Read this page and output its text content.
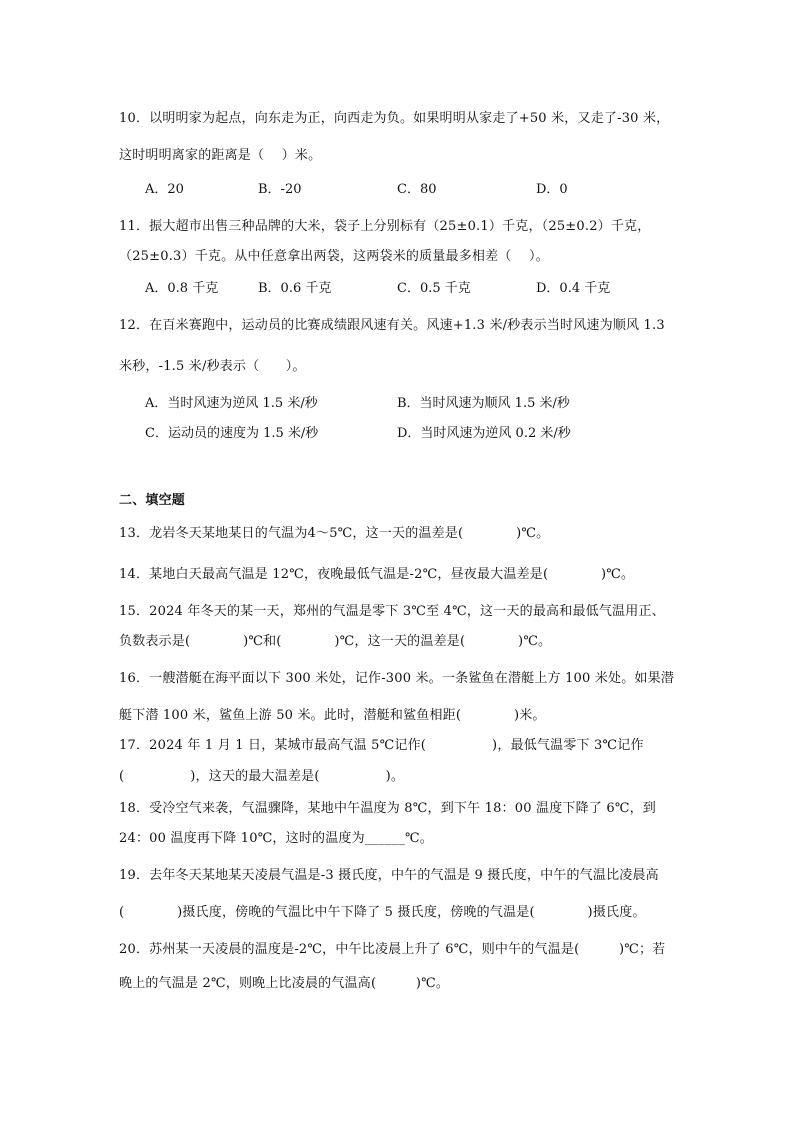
10．以明明家为起点，向东走为正，向西走为负。如果明明从家走了+50 米，又走了-30 米，
这时明明离家的距离是（　 ）米。
A．20	B．-20	C．80	D．0
11．振大超市出售三种品牌的大米，袋子上分别标有（25±0.1）千克，（25±0.2）千克，
（25±0.3）千克。从中任意拿出两袋，这两袋米的质量最多相差（　 ）。
A．0.8 千克	B．0.6 千克	C．0.5 千克	D．0.4 千克
12．在百米赛跑中，运动员的比赛成绩跟风速有关。风速+1.3 米/秒表示当时风速为顺风 1.3
米秒，-1.5 米/秒表示（　　）。
A．当时风速为逆风 1.5 米/秒	B．当时风速为顺风 1.5 米/秒
C．运动员的速度为 1.5 米/秒	D．当时风速为逆风 0.2 米/秒
二、填空题
13．龙岩冬天某地某日的气温为4～5℃，这一天的温差是(　　　　)℃。
14．某地白天最高气温是 12℃，夜晚最低气温是-2℃，昼夜最大温差是(　　　　)℃。
15．2024 年冬天的某一天，郑州的气温是零下 3℃至 4℃，这一天的最高和最低气温用正、
负数表示是(　　　　)℃和(　　　　)℃，这一天的温差是(　　　　)℃。
16．一艘潜艇在海平面以下 300 米处，记作-300 米。一条鲨鱼在潜艇上方 100 米处。如果潜
艇下潜 100 米，鲨鱼上游 50 米。此时，潜艇和鲨鱼相距(　　　　)米。
17．2024 年 1 月 1 日，某城市最高气温 5℃记作(　　　　　)，最低气温零下 3℃记作
(　　　　　)，这天的最大温差是(　　　　　)。
18．受冷空气来袭，气温骤降，某地中午温度为 8℃，到下午 18：00 温度下降了 6℃，到
24：00 温度再下降 10℃，这时的温度为______℃。
19．去年冬天某地某天凌晨气温是-3 摄氏度，中午的气温是 9 摄氏度，中午的气温比凌晨高
(　　　　)摄氏度，傍晚的气温比中午下降了 5 摄氏度，傍晚的气温是(　　　　)摄氏度。
20．苏州某一天凌晨的温度是-2℃，中午比凌晨上升了 6℃，则中午的气温是(　　　)℃；若
晚上的气温是 2℃，则晚上比凌晨的气温高(　　　)℃。
